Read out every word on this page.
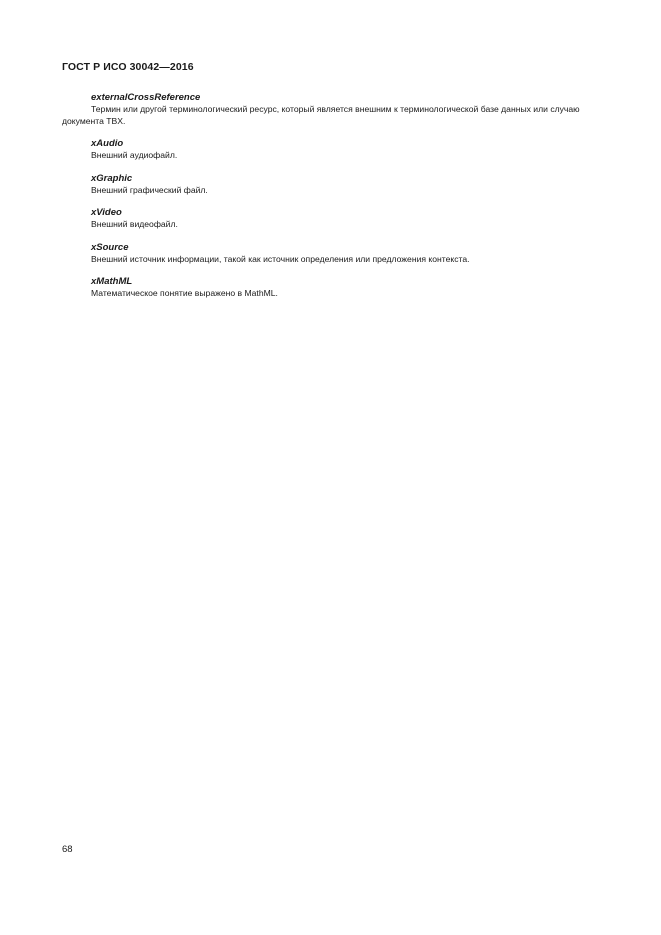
ГОСТ Р ИСО 30042—2016
externalCrossReference
Термин или другой терминологический ресурс, который является внешним к терминологической базе данных или случаю документа TBX.
xAudio
Внешний аудиофайл.
xGraphic
Внешний графический файл.
xVideo
Внешний видеофайл.
xSource
Внешний источник информации, такой как источник определения или предложения контекста.
xMathML
Математическое понятие выражено в MathML.
68
